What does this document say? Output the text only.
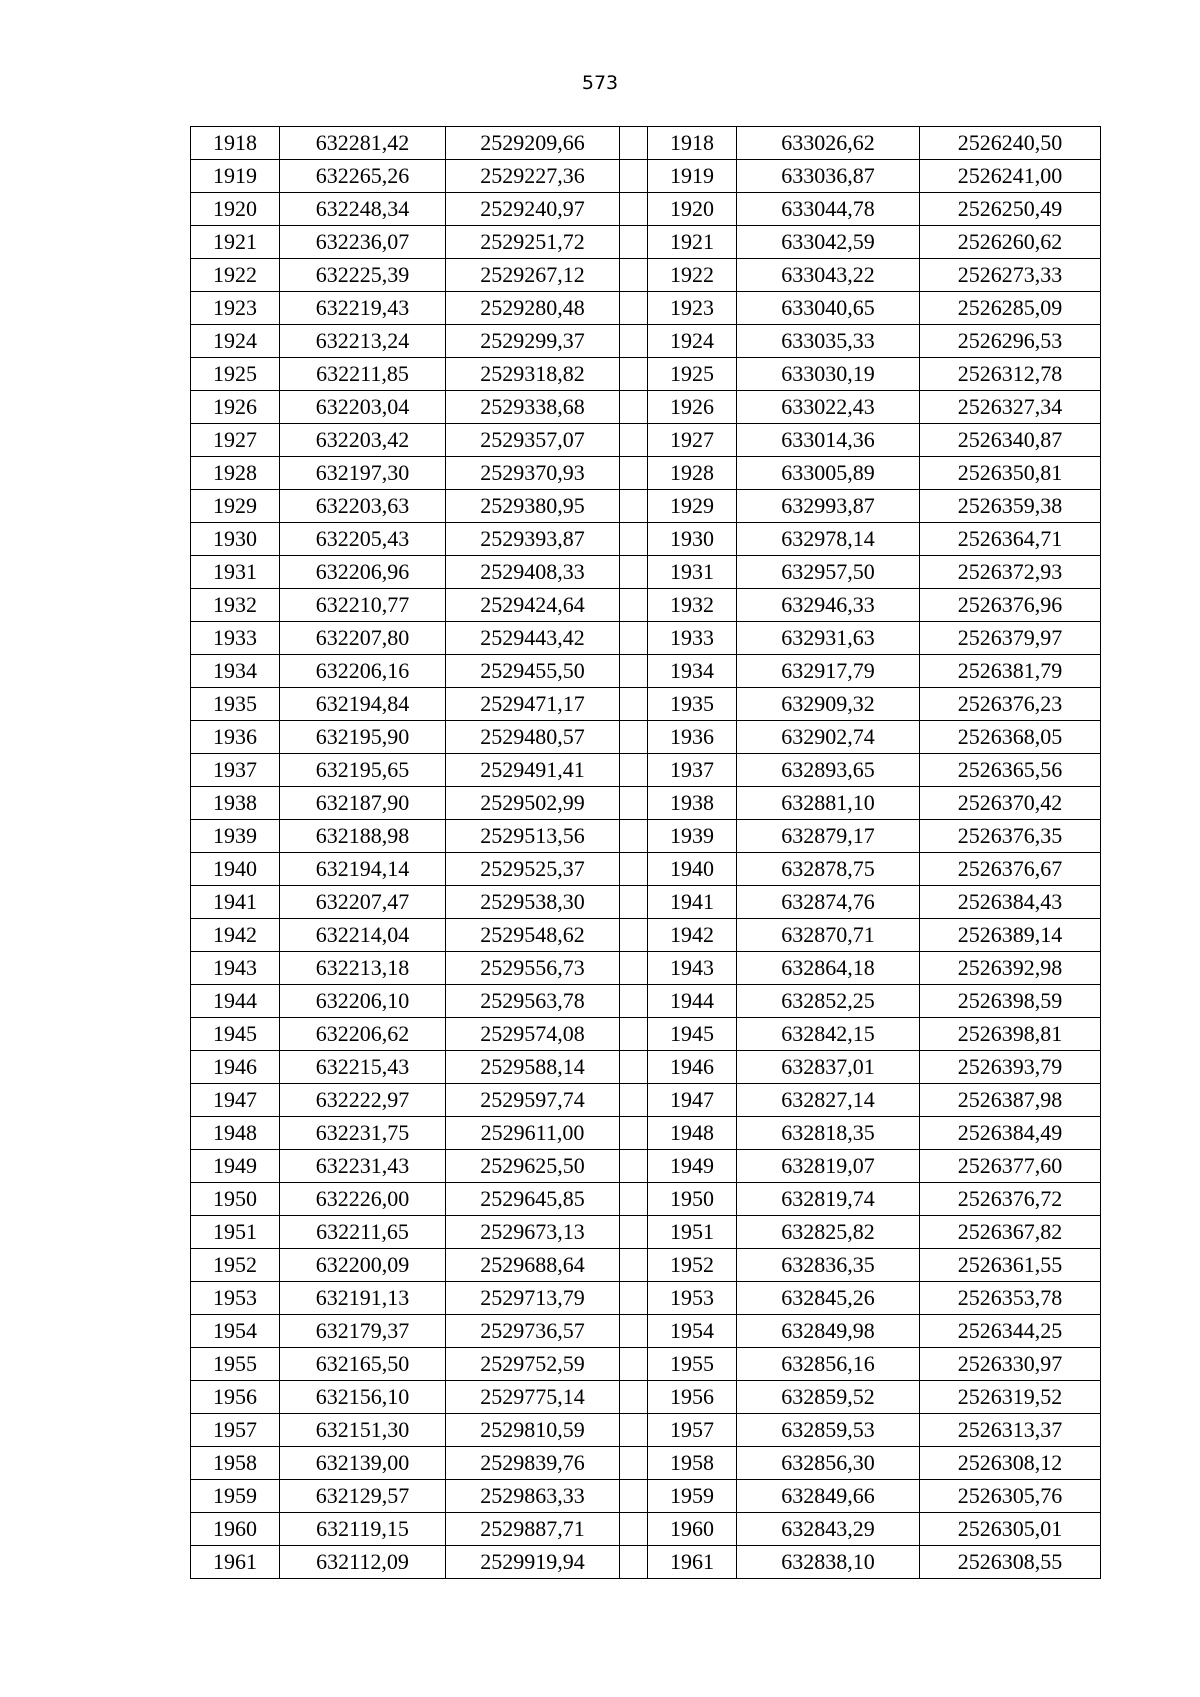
573
1918	632281,42	2529209,66		1918	633026,62	2526240,50
1919	632265,26	2529227,36		1919	633036,87	2526241,00
1920	632248,34	2529240,97		1920	633044,78	2526250,49
1921	632236,07	2529251,72		1921	633042,59	2526260,62
1922	632225,39	2529267,12		1922	633043,22	2526273,33
1923	632219,43	2529280,48		1923	633040,65	2526285,09
1924	632213,24	2529299,37		1924	633035,33	2526296,53
1925	632211,85	2529318,82		1925	633030,19	2526312,78
1926	632203,04	2529338,68		1926	633022,43	2526327,34
1927	632203,42	2529357,07		1927	633014,36	2526340,87
1928	632197,30	2529370,93		1928	633005,89	2526350,81
1929	632203,63	2529380,95		1929	632993,87	2526359,38
1930	632205,43	2529393,87		1930	632978,14	2526364,71
1931	632206,96	2529408,33		1931	632957,50	2526372,93
1932	632210,77	2529424,64		1932	632946,33	2526376,96
1933	632207,80	2529443,42		1933	632931,63	2526379,97
1934	632206,16	2529455,50		1934	632917,79	2526381,79
1935	632194,84	2529471,17		1935	632909,32	2526376,23
1936	632195,90	2529480,57		1936	632902,74	2526368,05
1937	632195,65	2529491,41		1937	632893,65	2526365,56
1938	632187,90	2529502,99		1938	632881,10	2526370,42
1939	632188,98	2529513,56		1939	632879,17	2526376,35
1940	632194,14	2529525,37		1940	632878,75	2526376,67
1941	632207,47	2529538,30		1941	632874,76	2526384,43
1942	632214,04	2529548,62		1942	632870,71	2526389,14
1943	632213,18	2529556,73		1943	632864,18	2526392,98
1944	632206,10	2529563,78		1944	632852,25	2526398,59
1945	632206,62	2529574,08		1945	632842,15	2526398,81
1946	632215,43	2529588,14		1946	632837,01	2526393,79
1947	632222,97	2529597,74		1947	632827,14	2526387,98
1948	632231,75	2529611,00		1948	632818,35	2526384,49
1949	632231,43	2529625,50		1949	632819,07	2526377,60
1950	632226,00	2529645,85		1950	632819,74	2526376,72
1951	632211,65	2529673,13		1951	632825,82	2526367,82
1952	632200,09	2529688,64		1952	632836,35	2526361,55
1953	632191,13	2529713,79		1953	632845,26	2526353,78
1954	632179,37	2529736,57		1954	632849,98	2526344,25
1955	632165,50	2529752,59		1955	632856,16	2526330,97
1956	632156,10	2529775,14		1956	632859,52	2526319,52
1957	632151,30	2529810,59		1957	632859,53	2526313,37
1958	632139,00	2529839,76		1958	632856,30	2526308,12
1959	632129,57	2529863,33		1959	632849,66	2526305,76
1960	632119,15	2529887,71		1960	632843,29	2526305,01
1961	632112,09	2529919,94		1961	632838,10	2526308,55
